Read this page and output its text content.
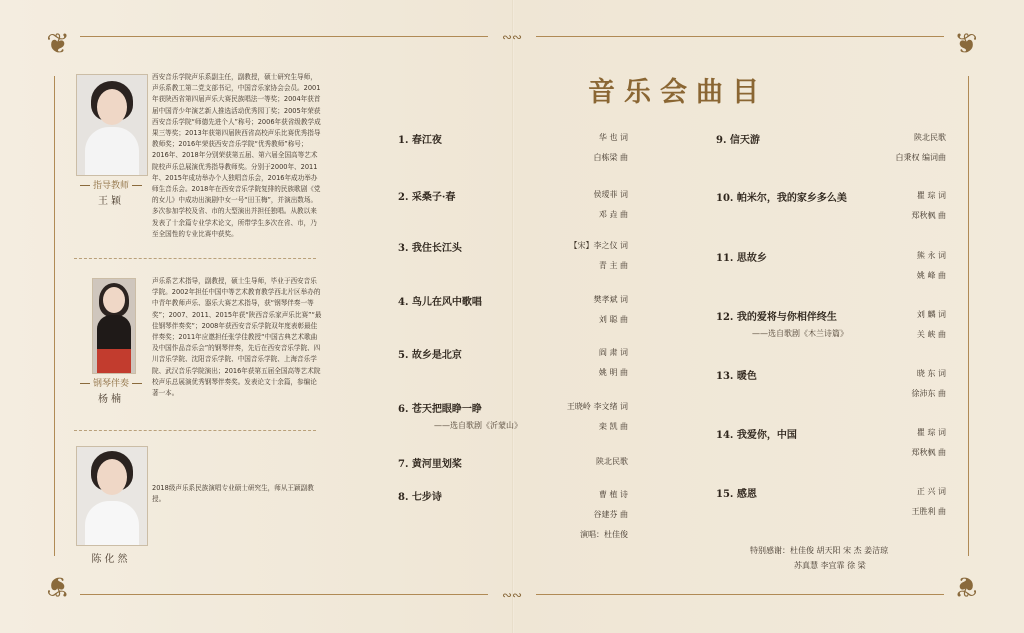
❦	❦
❦	❦
∾∾
∾∾
指导教师
王颖
西安音乐学院声乐系副主任，副教授，硕士研究生导师，声乐系教工第二党支部书记，中国音乐家协会会员。2001年获陕西省第四届声乐大赛民族唱法一等奖；2004年获首届中国青少年演艺新人推选活动优秀园丁奖；2005年荣获西安音乐学院“师德先进个人”称号；2006年获省级教学成果三等奖；2013年获第四届陕西省高校声乐比赛优秀指导教师奖；2016年荣获西安音乐学院“优秀教师”称号；2016年、2018年分别荣获第五届、第六届全国高等艺术院校声乐总展演优秀指导教师奖。分别于2000年、2011年、2015年成功举办个人独唱音乐会，2016年成功举办师生音乐会。2018年在西安音乐学院复排的民族歌剧《党的女儿》中成功出演剧中女一号“田玉梅”，并演出数场。多次参加学校及省、市的大型演出并担任独唱。从教以来发表了十余篇专业学术论文，所带学生多次在省、市，乃至全国性的专业比赛中获奖。
钢琴伴奏
杨楠
声乐系艺术指导，副教授，硕士生导师，毕业于西安音乐学院。2002年担任中国中等艺术教育教学西北片区举办的中青年教师声乐、器乐大赛艺术指导，获“钢琴伴奏一等奖”；2007、2011、2015年获“陕西音乐家声乐比赛”“最佳钢琴伴奏奖”；2008年获西安音乐学院双年度表彰最佳伴奏奖；2011年应邀担任张学佳教授“中国古典艺术歌曲及中国作品音乐会”的钢琴伴奏，先后在西安音乐学院、四川音乐学院、沈阳音乐学院、中国音乐学院、上海音乐学院、武汉音乐学院演出；2016年获第五届全国高等艺术院校声乐总展演优秀钢琴伴奏奖。发表论文十余篇，参编论著一本。
陈化然
2018级声乐系民族演唱专业硕士研究生，师从王颖副教授。
音乐会曲目
1. 春江夜	华 也 词
白栋梁 曲
2. 采桑子·春	侯瑷菲 词
邓 垚 曲
3. 我住长江头	【宋】李之仪 词
青 主 曲
4. 鸟儿在风中歌唱	樊孝斌 词
刘 聪 曲
5. 故乡是北京	阎 肃 词
姚 明 曲
6. 苍天把眼睁一睁
——选自歌剧《沂蒙山》
王晓岭 李文绪 词
栾 凯 曲
7. 黄河里划桨	陕北民歌
8. 七步诗	曹 植 诗
谷建芬 曲
演唱：杜佳俊
9. 信天游	陕北民歌
白秉权 编词曲
10. 帕米尔，我的家乡多么美	瞿 琮 词
郑秋枫 曲
11. 思故乡	熊 永 词
姚 峰 曲
12. 我的爱将与你相伴终生
——选自歌剧《木兰诗篇》
刘 麟 词
关 峡 曲
13. 暖色	晓 东 词
徐沛东 曲
14. 我爱你，中国	瞿 琮 词
郑秋枫 曲
15. 感恩	正 兴 词
王胜利 曲
特别感谢：杜佳俊 胡天阳 宋 杰 姜洁琼
苏真慧 李宜霏 徐 梁
